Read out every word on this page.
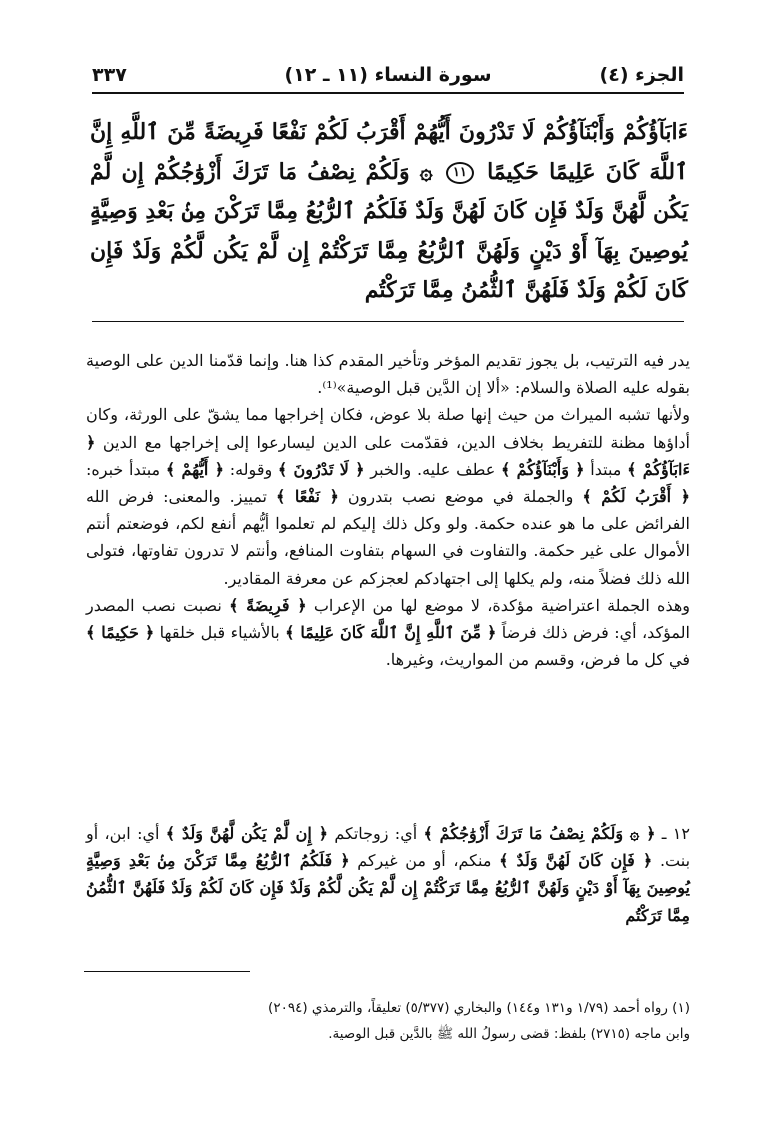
الجزء (٤)
سورة النساء (١١ ـ ١٢)
٣٣٧
ءَابَآؤُكُمْ وَأَبْنَآؤُكُمْ لَا تَدْرُونَ أَيُّهُمْ أَقْرَبُ لَكُمْ نَفْعًا فَرِيضَةً مِّنَ ٱللَّهِ إِنَّ ٱللَّهَ كَانَ عَلِيمًا حَكِيمًا ١١ ۞ وَلَكُمْ نِصْفُ مَا تَرَكَ أَزْوَٰجُكُمْ إِن لَّمْ يَكُن لَّهُنَّ وَلَدٌ فَإِن كَانَ لَهُنَّ وَلَدٌ فَلَكُمُ ٱلرُّبُعُ مِمَّا تَرَكْنَ مِنۢ بَعْدِ وَصِيَّةٍ يُوصِينَ بِهَآ أَوْ دَيْنٍ وَلَهُنَّ ٱلرُّبُعُ مِمَّا تَرَكْتُمْ إِن لَّمْ يَكُن لَّكُمْ وَلَدٌ فَإِن كَانَ لَكُمْ وَلَدٌ فَلَهُنَّ ٱلثُّمُنُ مِمَّا تَرَكْتُم

يدر فيه الترتيب، بل يجوز تقديم المؤخر وتأخير المقدم كذا هنا. وإنما قدّمنا الدين على الوصية بقوله عليه الصلاة والسلام: «ألا إن الدَّين قبل الوصية»⁽¹⁾.

ولأنها تشبه الميراث من حيث إنها صلة بلا عوض، فكان إخراجها مما يشقّ على الورثة، وكان أداؤها مظنة للتفريط بخلاف الدين، فقدّمت على الدين ليسارعوا إلى إخراجها مع الدين ﴿ ءَابَآؤُكُمْ ﴾ مبتدأ ﴿ وَأَبْنَآؤُكُمْ ﴾ عطف عليه. والخبر ﴿ لَا تَدْرُونَ ﴾ وقوله: ﴿ أَيُّهُمْ ﴾ مبتدأ خبره: ﴿ أَقْرَبُ لَكُمْ ﴾ والجملة في موضع نصب بتدرون ﴿ نَفْعًا ﴾ تمييز. والمعنى: فرض الله الفرائض على ما هو عنده حكمة. ولو وكل ذلك إليكم لم تعلموا أيُّهم أنفع لكم، فوضعتم أنتم الأموال على غير حكمة. والتفاوت في السهام بتفاوت المنافع، وأنتم لا تدرون تفاوتها، فتولى الله ذلك فضلاً منه، ولم يكلها إلى اجتهادكم لعجزكم عن معرفة المقادير.

وهذه الجملة اعتراضية مؤكدة، لا موضع لها من الإعراب ﴿ فَرِيضَةً ﴾ نصبت نصب المصدر المؤكد، أي: فرض ذلك فرضاً ﴿ مِّنَ ٱللَّهِ إِنَّ ٱللَّهَ كَانَ عَلِيمًا ﴾ بالأشياء قبل خلقها ﴿ حَكِيمًا ﴾ في كل ما فرض، وقسم من المواريث، وغيرها.

١٢ ـ ﴿ ۞ وَلَكُمْ نِصْفُ مَا تَرَكَ أَزْوَٰجُكُمْ ﴾ أي: زوجاتكم ﴿ إِن لَّمْ يَكُن لَّهُنَّ وَلَدٌ ﴾ أي: ابن، أو بنت. ﴿ فَإِن كَانَ لَهُنَّ وَلَدٌ ﴾ منكم، أو من غيركم ﴿ فَلَكُمُ ٱلرُّبُعُ مِمَّا تَرَكْنَ مِنۢ بَعْدِ وَصِيَّةٍ يُوصِينَ بِهَآ أَوْ دَيْنٍ وَلَهُنَّ ٱلرُّبُعُ مِمَّا تَرَكْتُمْ إِن لَّمْ يَكُن لَّكُمْ وَلَدٌ فَإِن كَانَ لَكُمْ وَلَدٌ فَلَهُنَّ ٱلثُّمُنُ مِمَّا تَرَكْتُم

(١) رواه أحمد (١/٧٩ و١٣١ و١٤٤) والبخاري (٥/٣٧٧) تعليقاً، والترمذي (٢٠٩٤)

وابن ماجه (٢٧١٥) بلفظ: قضى رسولُ الله ﷺ بالدَّين قبل الوصية.
